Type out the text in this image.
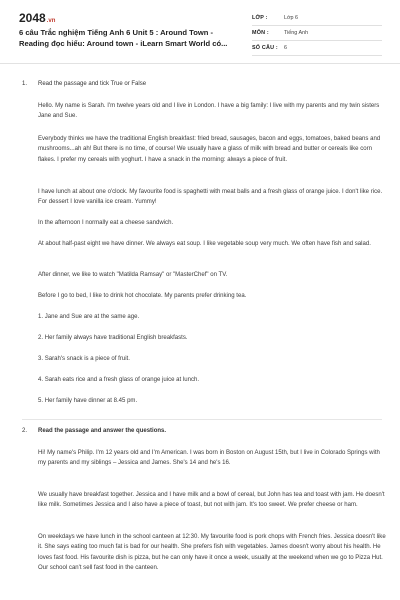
2048.vn
6 câu Trắc nghiệm Tiếng Anh 6 Unit 5 : Around Town - Reading đọc hiểu: Around town - iLearn Smart World có...
LỚP :	Lớp 6
MÔN :	Tiếng Anh
SỐ CÂU :	6
1. Read the passage and tick True or False
Hello. My name is Sarah. I'm twelve years old and I live in London. I have a big family: I live with my parents and my twin sisters Jane and Sue.
Everybody thinks we have the traditional English breakfast: fried bread, sausages, bacon and eggs, tomatoes, baked beans and mushrooms...ah ah! But there is no time, of course! We usually have a glass of milk with bread and butter or cereals like corn flakes. I prefer my cereals with yoghurt. I have a snack in the morning: always a piece of fruit.
I have lunch at about one o'clock. My favourite food is spaghetti with meat balls and a fresh glass of orange juice. I don't like rice. For dessert I love vanilla ice cream. Yummy!
In the afternoon I normally eat a cheese sandwich.
At about half-past eight we have dinner. We always eat soup. I like vegetable soup very much. We often have fish and salad.
After dinner, we like to watch "Matilda Ramsay" or "MasterChef" on TV.
Before I go to bed, I like to drink hot chocolate. My parents prefer drinking tea.
1. Jane and Sue are at the same age.
2. Her family always have traditional English breakfasts.
3. Sarah's snack is a piece of fruit.
4. Sarah eats rice and a fresh glass of orange juice at lunch.
5. Her family have dinner at 8.45 pm.
2. Read the passage and answer the questions.
Hi! My name's Philip. I'm 12 years old and I'm American. I was born in Boston on August 15th, but I live in Colorado Springs with my parents and my siblings – Jessica and James. She's 14 and he's 16.
We usually have breakfast together. Jessica and I have milk and a bowl of cereal, but John has tea and toast with jam. He doesn't like milk. Sometimes Jessica and I also have a piece of toast, but not with jam. It's too sweet. We prefer cheese or ham.
On weekdays we have lunch in the school canteen at 12:30. My favourite food is pork chops with French fries. Jessica doesn't like it. She says eating too much fat is bad for our health. She prefers fish with vegetables. James doesn't worry about his health. He loves fast food. His favourite dish is pizza, but he can only have it once a week, usually at the weekend when we go to Pizza Hut. Our school can't sell fast food in the canteen.
